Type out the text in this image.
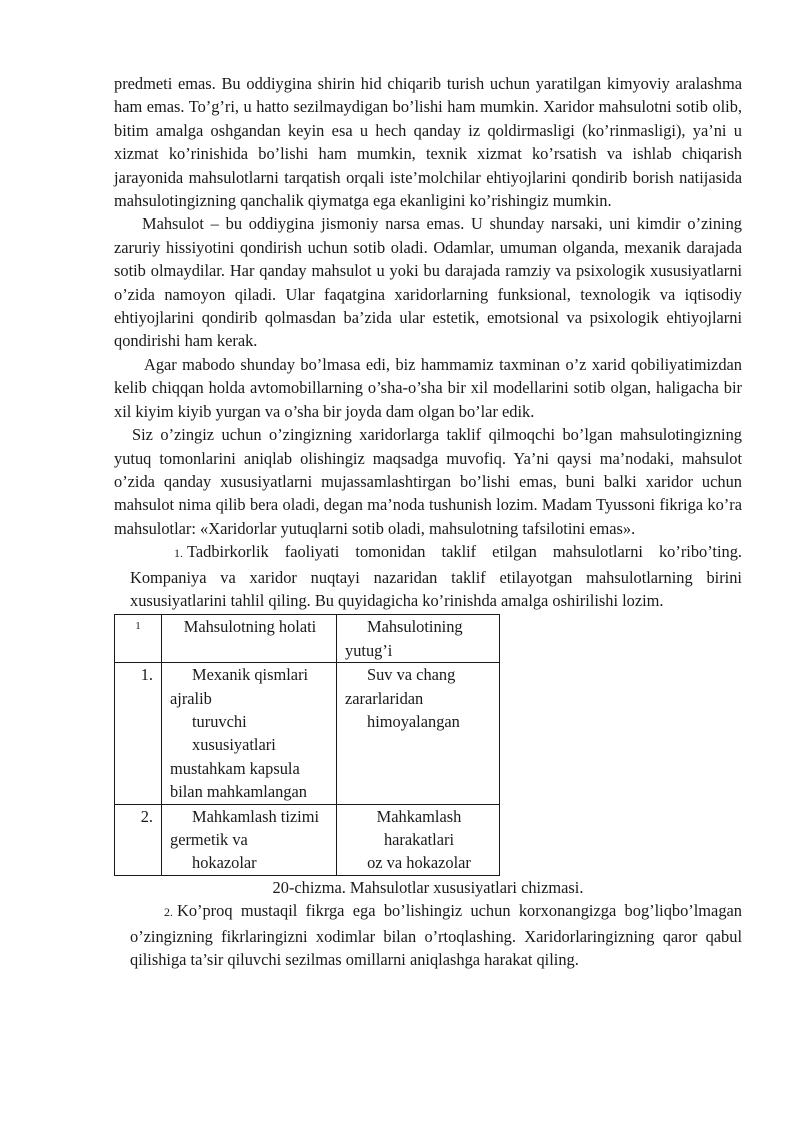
predmeti emas. Bu oddiygina shirin hid chiqarib turish uchun yaratilgan kimyoviy aralashma ham emas. To’g’ri, u hatto sezilmaydigan bo’lishi ham mumkin. Xaridor mahsulotni sotib olib, bitim amalga oshgandan keyin esa u hech qanday iz qoldirmasligi (ko’rinmasligi), ya’ni u xizmat ko’rinishida bo’lishi ham mumkin, texnik xizmat ko’rsatish va ishlab chiqarish jarayonida mahsulotlarni tarqatish orqali iste’molchilar ehtiyojlarini qondirib borish natijasida mahsulotingizning qanchalik qiymatga ega ekanligini ko’rishingiz mumkin.

Mahsulot – bu oddiygina jismoniy narsa emas. U shunday narsaki, uni kimdir o’zining zaruriy hissiyotini qondirish uchun sotib oladi. Odamlar, umuman olganda, mexanik darajada sotib olmaydilar. Har qanday mahsulot u yoki bu darajada ramziy va psixologik xususiyatlarni o’zida namoyon qiladi. Ular faqatgina xaridorlarning funksional, texnologik va iqtisodiy ehtiyojlarini qondirib qolmasdan ba’zida ular estetik, emotsional va psixologik ehtiyojlarni qondirishi ham kerak.

Agar mabodo shunday bo’lmasa edi, biz hammamiz taxminan o’z xarid qobiliyatimizdan kelib chiqqan holda avtomobillarning o’sha-o’sha bir xil modellarini sotib olgan, haligacha bir xil kiyim kiyib yurgan va o’sha bir joyda dam olgan bo’lar edik.

Siz o’zingiz uchun o’zingizning xaridorlarga taklif qilmoqchi bo’lgan mahsulotingizning yutuq tomonlarini aniqlab olishingiz maqsadga muvofiq. Ya’ni qaysi ma’nodaki, mahsulot o’zida qanday xususiyatlarni mujassamlashtirgan bo’lishi emas, buni balki xaridor uchun mahsulot nima qilib bera oladi, degan ma’noda tushunish lozim. Madam Tyussoni fikriga ko’ra mahsulotlar: «Xaridorlar yutuqlarni sotib oladi, mahsulotning tafsilotini emas».

1. Tadbirkorlik faoliyati tomonidan taklif etilgan mahsulotlarni ko’ribo’ting. Kompaniya va xaridor nuqtayi nazaridan taklif etilayotgan mahsulotlarning birini xususiyatlarini tahlil qiling. Bu quyidagicha ko’rinishda amalga oshirilishi lozim.

1	Mahsulotning holati	Mahsulotining
yutug’i

1.	Mexanik qismlari
ajralib
turuvchi xususiyatlari
mustahkam kapsula
bilan mahkamlangan	Suv va chang
zararlaridan
himoyalangan

2.	Mahkamlash tizimi
germetik va
hokazolar	Mahkamlash
harakatlari
oz va hokazolar

20-chizma. Mahsulotlar xususiyatlari chizmasi.

2. Ko’proq mustaqil fikrga ega bo’lishingiz uchun korxonangizga bog’liqbo’lmagan o’zingizning fikrlaringizni xodimlar bilan o’rtoqlashing. Xaridorlaringizning qaror qabul qilishiga ta’sir qiluvchi sezilmas omillarni aniqlashga harakat qiling.
